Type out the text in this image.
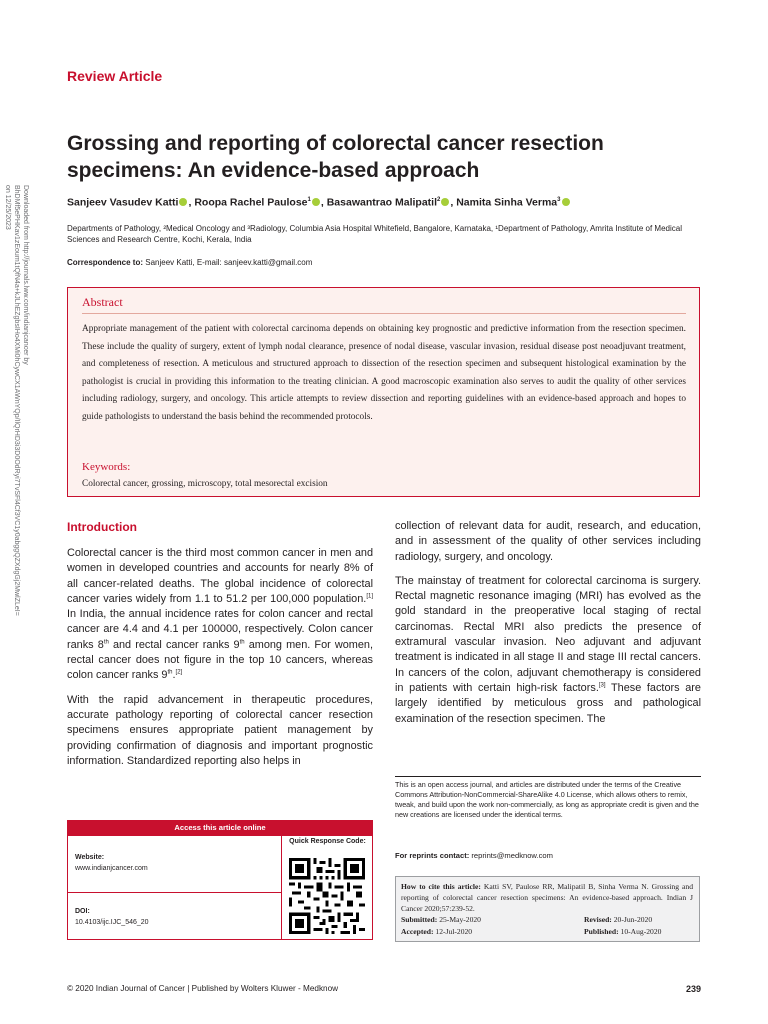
Review Article
Downloaded from http://journals.lww.com/indianjcancer by BhDMf5ePHKav1zEoum1tQfN4a+kJLhEZgbsIHo4XMi0hCywCX1AWnYQp/IlQrHD3i3D0OdRyi7TvSFl4Cf3VC1y0abggQZXdgGj2MwlZLeI= on 12/25/2023
Grossing and reporting of colorectal cancer resection specimens: An evidence-based approach
Sanjeev Vasudev Katti , Roopa Rachel Paulose$^1$ , Basawantrao Malipatil$^2$ , Namita Sinha Verma$^3$
Departments of Pathology, ²Medical Oncology and ³Radiology, Columbia Asia Hospital Whitefield, Bangalore, Karnataka, ¹Department of Pathology, Amrita Institute of Medical Sciences and Research Centre, Kochi, Kerala, India
Correspondence to: Sanjeev Katti, E-mail: sanjeev.katti@gmail.com
Abstract
Appropriate management of the patient with colorectal carcinoma depends on obtaining key prognostic and predictive information from the resection specimen. These include the quality of surgery, extent of lymph nodal clearance, presence of nodal disease, vascular invasion, residual disease post neoadjuvant treatment, and completeness of resection. A meticulous and structured approach to dissection of the resection specimen and subsequent histological examination by the pathologist is crucial in providing this information to the treating clinician. A good macroscopic examination also serves to audit the quality of other services including radiology, surgery, and oncology. This article attempts to review dissection and reporting guidelines with an evidence-based approach and hopes to guide pathologists to understand the basis behind the recommended protocols.
Keywords:
Colorectal cancer, grossing, microscopy, total mesorectal excision
Introduction

Colorectal cancer is the third most common cancer in men and women in developed countries and accounts for nearly 8% of all cancer-related deaths. The global incidence of colorectal cancer varies widely from 1.1 to 51.2 per 100,000 population.[1] In India, the annual incidence rates for colon cancer and rectal cancer are 4.4 and 4.1 per 100000, respectively. Colon cancer ranks 8th and rectal cancer ranks 9th among men. For women, rectal cancer does not figure in the top 10 cancers, whereas colon cancer ranks 9th.[2]

With the rapid advancement in therapeutic procedures, accurate pathology reporting of colorectal cancer resection specimens ensures appropriate patient management by providing confirmation of diagnosis and important prognostic information. Standardized reporting also helps in

collection of relevant data for audit, research, and education, and in assessment of the quality of other services including radiology, surgery, and oncology.

The mainstay of treatment for colorectal carcinoma is surgery. Rectal magnetic resonance imaging (MRI) has evolved as the gold standard in the preoperative local staging of rectal carcinomas. Rectal MRI also predicts the presence of extramural vascular invasion. Neo adjuvant and adjuvant treatment is indicated in all stage II and stage III rectal cancers. In cancers of the colon, adjuvant chemotherapy is considered in patients with certain high-risk factors.[3] These factors are largely identified by meticulous gross and pathological examination of the resection specimen. The

This is an open access journal, and articles are distributed under the terms of the Creative Commons Attribution-NonCommercial-ShareAlike 4.0 License, which allows others to remix, tweak, and build upon the work non-commercially, as long as appropriate credit is given and the new creations are licensed under the identical terms.
For reprints contact: reprints@medknow.com
How to cite this article: Katti SV, Paulose RR, Malipatil B, Sinha Verma N. Grossing and reporting of colorectal cancer resection specimens: An evidence-based approach. Indian J Cancer 2020;57:239-52.
Submitted: 25-May-2020	Revised: 20-Jun-2020
Accepted: 12-Jul-2020	Published: 10-Aug-2020
Access this article online
Website:
www.indianjcancer.com
DOI:
10.4103/ijc.IJC_546_20
Quick Response Code:
© 2020 Indian Journal of Cancer | Published by Wolters Kluwer - Medknow	239
